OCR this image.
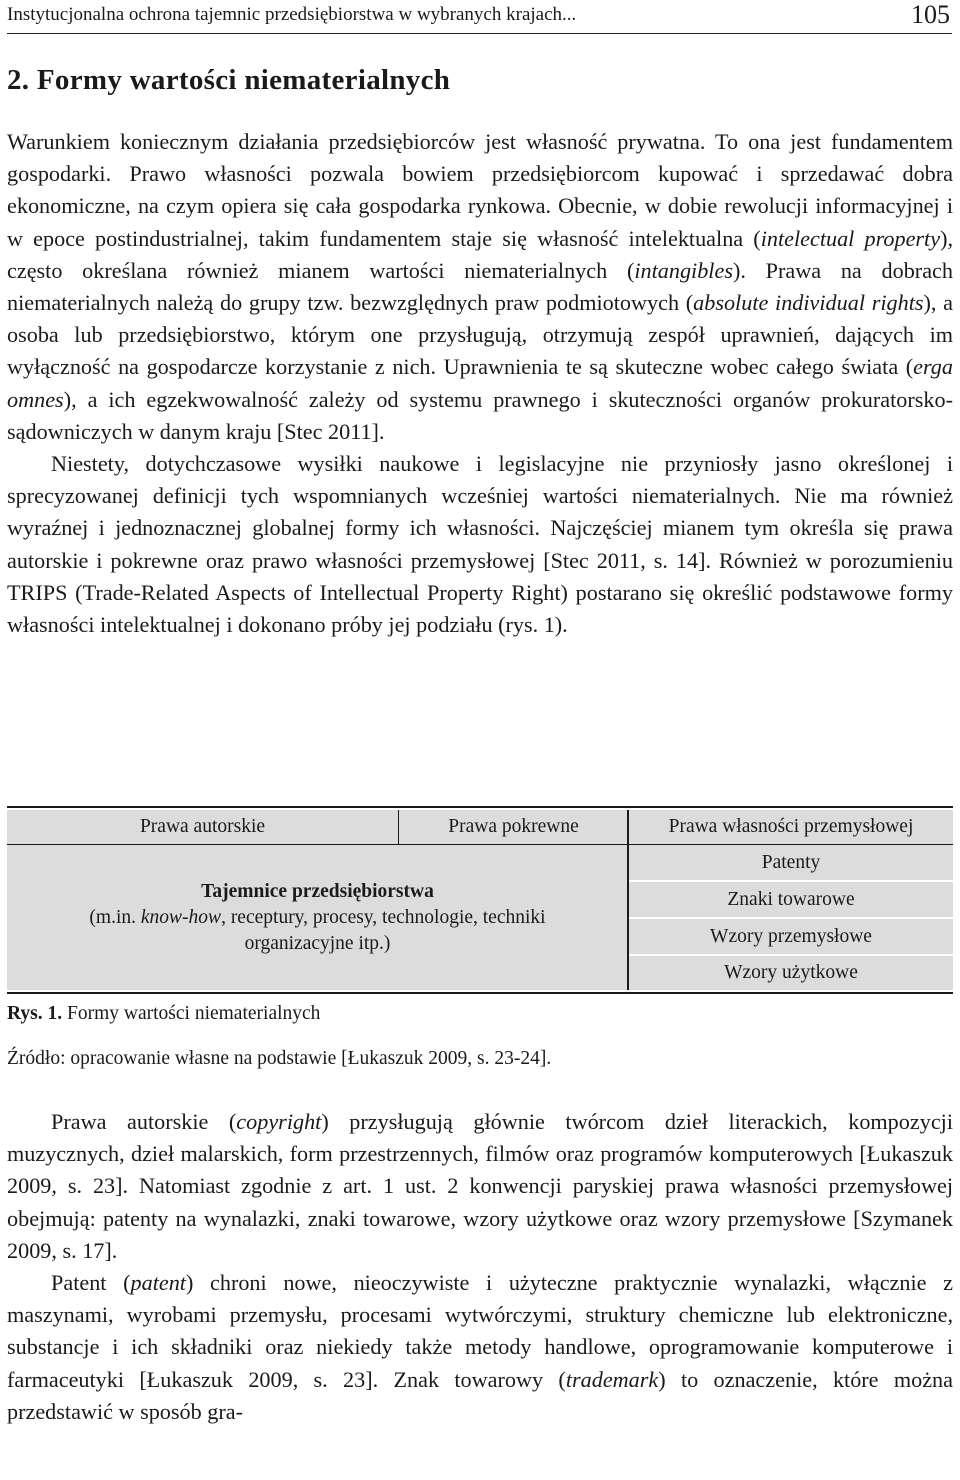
Instytucjonalna ochrona tajemnic przedsiębiorstwa w wybranych krajach...	105
2. Formy wartości niematerialnych

Warunkiem koniecznym działania przedsiębiorców jest własność prywatna. To ona jest fundamentem gospodarki. Prawo własności pozwala bowiem przedsiębiorcom kupować i sprzedawać dobra ekonomiczne, na czym opiera się cała gospodarka rynkowa. Obecnie, w dobie rewolucji informacyjnej i w epoce postindustrialnej, takim fundamentem staje się własność intelektualna (intelectual property), często określana również mianem wartości niematerialnych (intangibles). Prawa na dobrach niematerialnych należą do grupy tzw. bezwzględnych praw podmiotowych (absolute individual rights), a osoba lub przedsiębiorstwo, którym one przysługują, otrzymują zespół uprawnień, dających im wyłączność na gospodarcze korzystanie z nich. Uprawnienia te są skuteczne wobec całego świata (erga omnes), a ich egzekwowalność zależy od systemu prawnego i skuteczności organów prokuratorsko-sądowniczych w danym kraju [Stec 2011].

Niestety, dotychczasowe wysiłki naukowe i legislacyjne nie przyniosły jasno określonej i sprecyzowanej definicji tych wspomnianych wcześniej wartości niematerialnych. Nie ma również wyraźnej i jednoznacznej globalnej formy ich własności. Najczęściej mianem tym określa się prawa autorskie i pokrewne oraz prawo własności przemysłowej [Stec 2011, s. 14]. Również w porozumieniu TRIPS (Trade-Related Aspects of Intellectual Property Right) postarano się określić podstawowe formy własności intelektualnej i dokonano próby jej podziału (rys. 1).

Prawa autorskie	Prawa pokrewne	Prawa własności przemysłowej
Tajemnice przedsiębiorstwa
(m.in. know-how, receptury, procesy, technologie, techniki
organizacyjne itp.)
Patenty
Znaki towarowe
Wzory przemysłowe
Wzory użytkowe
Rys. 1. Formy wartości niematerialnych
Źródło: opracowanie własne na podstawie [Łukaszuk 2009, s. 23-24].

Prawa autorskie (copyright) przysługują głównie twórcom dzieł literackich, kompozycji muzycznych, dzieł malarskich, form przestrzennych, filmów oraz programów komputerowych [Łukaszuk 2009, s. 23]. Natomiast zgodnie z art. 1 ust. 2 konwencji paryskiej prawa własności przemysłowej obejmują: patenty na wynalazki, znaki towarowe, wzory użytkowe oraz wzory przemysłowe [Szymanek 2009, s. 17].

Patent (patent) chroni nowe, nieoczywiste i użyteczne praktycznie wynalazki, włącznie z maszynami, wyrobami przemysłu, procesami wytwórczymi, struktury chemiczne lub elektroniczne, substancje i ich składniki oraz niekiedy także metody handlowe, oprogramowanie komputerowe i farmaceutyki [Łukaszuk 2009, s. 23]. Znak towarowy (trademark) to oznaczenie, które można przedstawić w sposób gra-
